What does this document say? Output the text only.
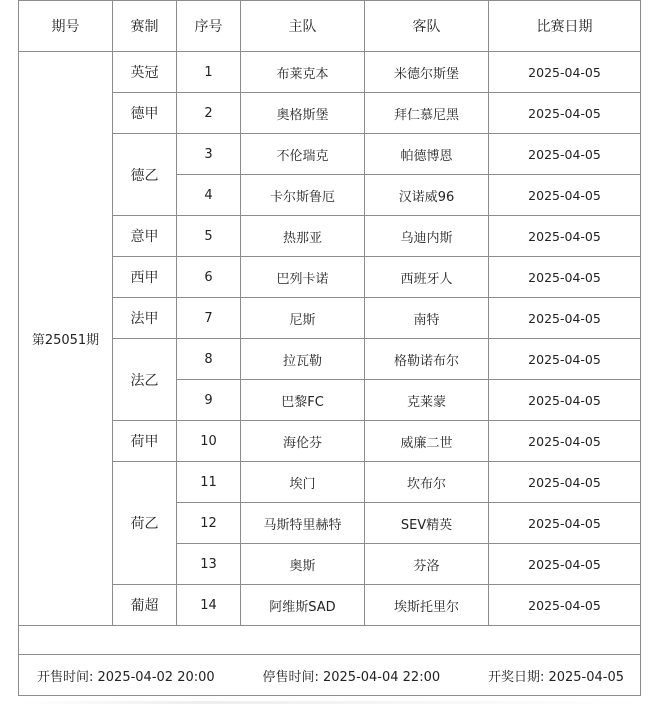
期号	赛制	序号	主队	客队	比赛日期
第25051期	英冠	1	布莱克本	米德尔斯堡	2025-04-05
	德甲	2	奥格斯堡	拜仁慕尼黑	2025-04-05
	德乙	3	不伦瑞克	帕德博恩	2025-04-05
		4	卡尔斯鲁厄	汉诺威96	2025-04-05
	意甲	5	热那亚	乌迪内斯	2025-04-05
	西甲	6	巴列卡诺	西班牙人	2025-04-05
	法甲	7	尼斯	南特	2025-04-05
	法乙	8	拉瓦勒	格勒诺布尔	2025-04-05
		9	巴黎FC	克莱蒙	2025-04-05
	荷甲	10	海伦芬	威廉二世	2025-04-05
	荷乙	11	埃门	坎布尔	2025-04-05
		12	马斯特里赫特	SEV精英	2025-04-05
		13	奥斯	芬洛	2025-04-05
	葡超	14	阿维斯SAD	埃斯托里尔	2025-04-05

开售时间: 2025-04-02 20:00 停售时间: 2025-04-04 22:00 开奖日期: 2025-04-05					
